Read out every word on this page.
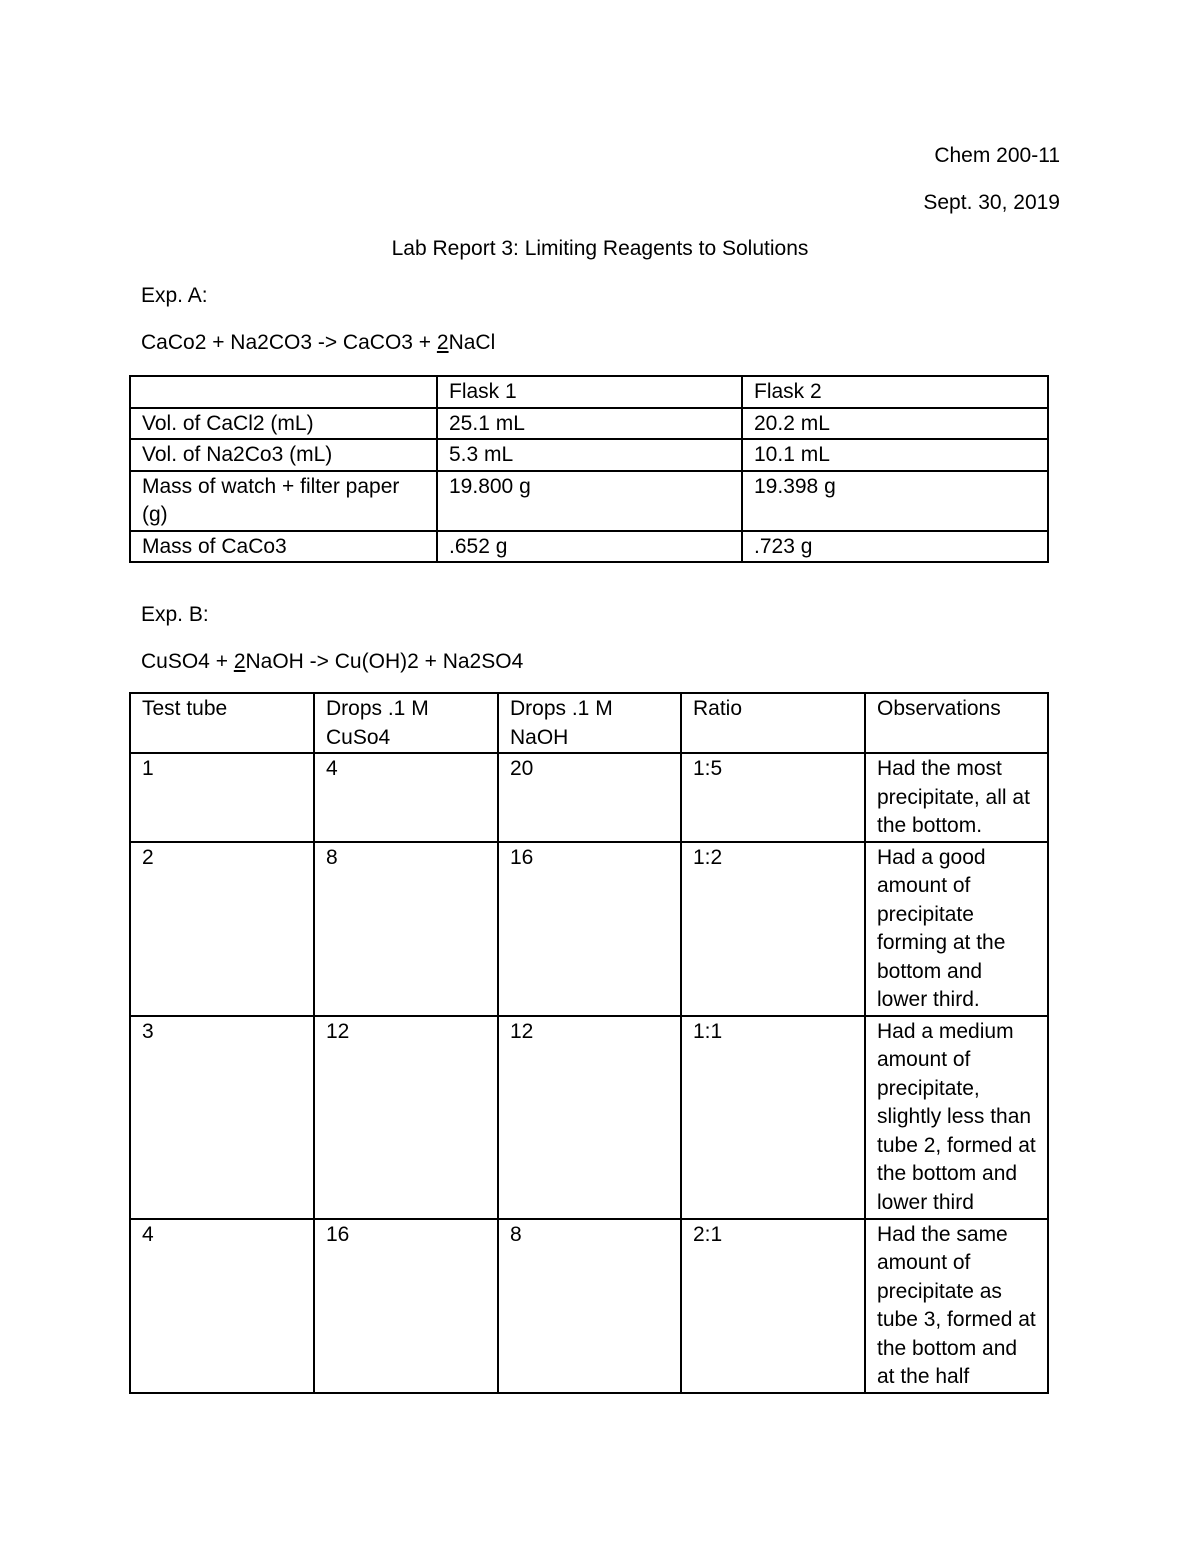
Chem 200-11
Sept. 30, 2019
Lab Report 3: Limiting Reagents to Solutions
Exp. A:
CaCo2 + Na2CO3 -> CaCO3 + 2NaCl
	Flask 1	Flask 2
Vol. of CaCl2 (mL)	25.1 mL	20.2 mL
Vol. of Na2Co3 (mL)	5.3 mL	10.1 mL
Mass of watch + filter paper (g)	19.800 g	19.398 g
Mass of CaCo3	.652 g	.723 g
Exp. B:
CuSO4 + 2NaOH -> Cu(OH)2 + Na2SO4
Test tube	Drops .1 M CuSo4	Drops .1 M NaOH	Ratio	Observations
1	4	20	1:5	Had the most precipitate, all at the bottom.
2	8	16	1:2	Had a good amount of precipitate forming at the bottom and lower third.
3	12	12	1:1	Had a medium amount of precipitate, slightly less than tube 2, formed at the bottom and lower third
4	16	8	2:1	Had the same amount of precipitate as tube 3, formed at the bottom and at the half
